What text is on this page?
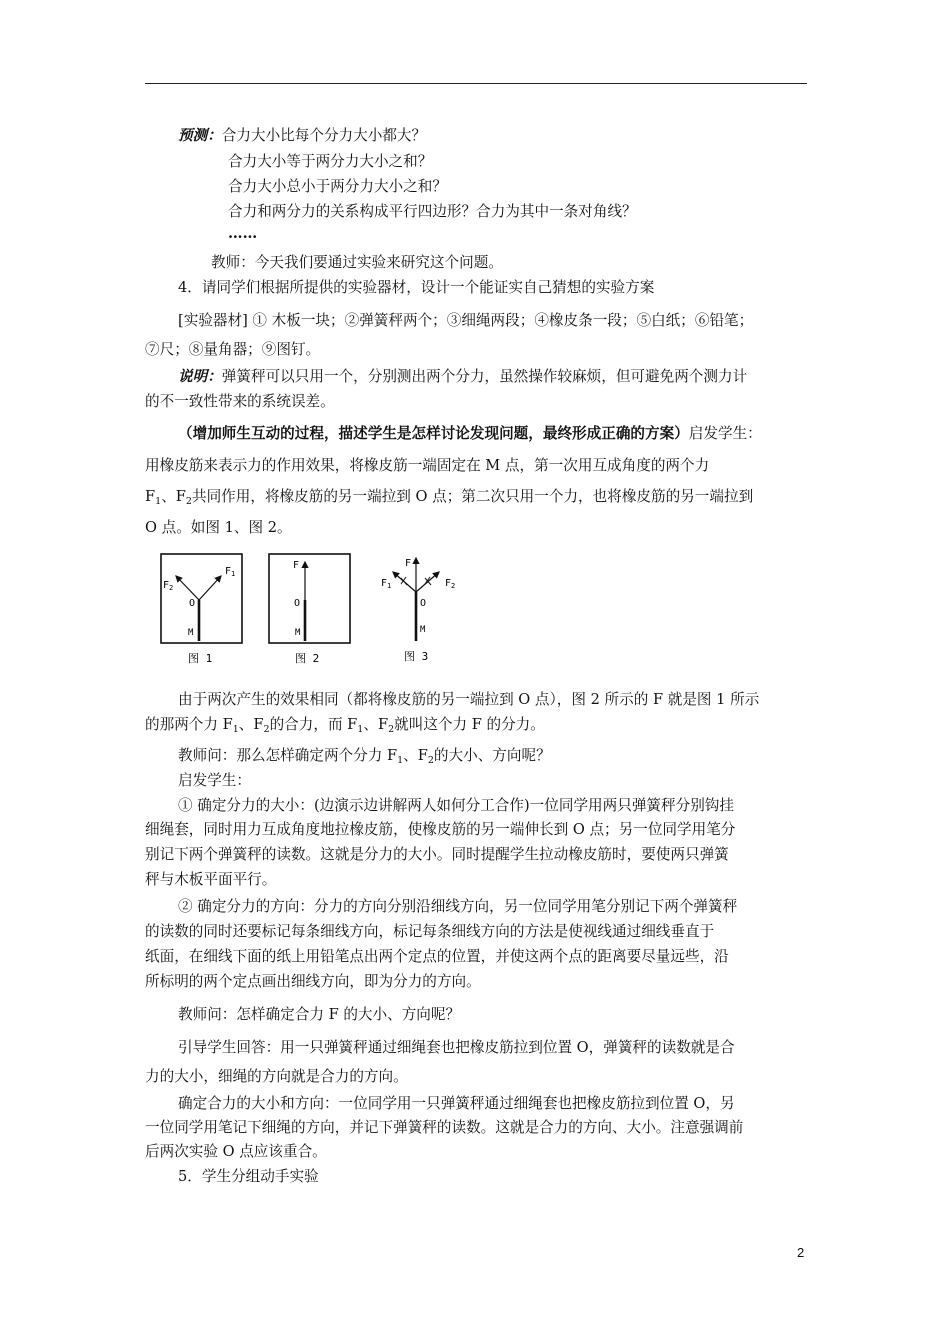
预测：合力大小比每个分力大小都大？
合力大小等于两分力大小之和？
合力大小总小于两分力大小之和？
合力和两分力的关系构成平行四边形？合力为其中一条对角线？
……
教师：今天我们要通过实验来研究这个问题。
4．请同学们根据所提供的实验器材，设计一个能证实自己猜想的实验方案
[实验器材] ① 木板一块；②弹簧秤两个；③细绳两段；④橡皮条一段；⑤白纸；⑥铅笔；
⑦尺；⑧量角器；⑨图钉。
说明：弹簧秤可以只用一个，分别测出两个分力，虽然操作较麻烦，但可避免两个测力计
的不一致性带来的系统误差。
（增加师生互动的过程，描述学生是怎样讨论发现问题，最终形成正确的方案）启发学生：
用橡皮筋来表示力的作用效果，将橡皮筋一端固定在 M 点，第一次用互成角度的两个力
$F_1$、$F_2$共同作用，将橡皮筋的另一端拉到 O 点；第二次只用一个力，也将橡皮筋的另一端拉到
O 点。如图 1、图 2。
$F_1$
$F_2$
O
M
图 1
F
O
M
图 2
F
$F_1$	$F_2$
O
M
图 3
由于两次产生的效果相同（都将橡皮筋的另一端拉到 O 点），图 2 所示的 F 就是图 1 所示
的那两个力 $F_1$、$F_2$的合力，而 $F_1$、$F_2$就叫这个力 F 的分力。
教师问：那么怎样确定两个分力 $F_1$、$F_2$的大小、方向呢？
启发学生：
① 确定分力的大小：(边演示边讲解两人如何分工合作)一位同学用两只弹簧秤分别钩挂
细绳套，同时用力互成角度地拉橡皮筋，使橡皮筋的另一端伸长到 O 点；另一位同学用笔分
别记下两个弹簧秤的读数。这就是分力的大小。同时提醒学生拉动橡皮筋时，要使两只弹簧
秤与木板平面平行。
② 确定分力的方向：分力的方向分别沿细线方向，另一位同学用笔分别记下两个弹簧秤
的读数的同时还要标记每条细线方向，标记每条细线方向的方法是使视线通过细线垂直于
纸面，在细线下面的纸上用铅笔点出两个定点的位置，并使这两个点的距离要尽量远些，沿
所标明的两个定点画出细线方向，即为分力的方向。
教师问：怎样确定合力 F 的大小、方向呢？
引导学生回答：用一只弹簧秤通过细绳套也把橡皮筋拉到位置 O，弹簧秤的读数就是合
力的大小，细绳的方向就是合力的方向。
确定合力的大小和方向：一位同学用一只弹簧秤通过细绳套也把橡皮筋拉到位置 O，另
一位同学用笔记下细绳的方向，并记下弹簧秤的读数。这就是合力的方向、大小。注意强调前
后两次实验 O 点应该重合。
5．学生分组动手实验
2
